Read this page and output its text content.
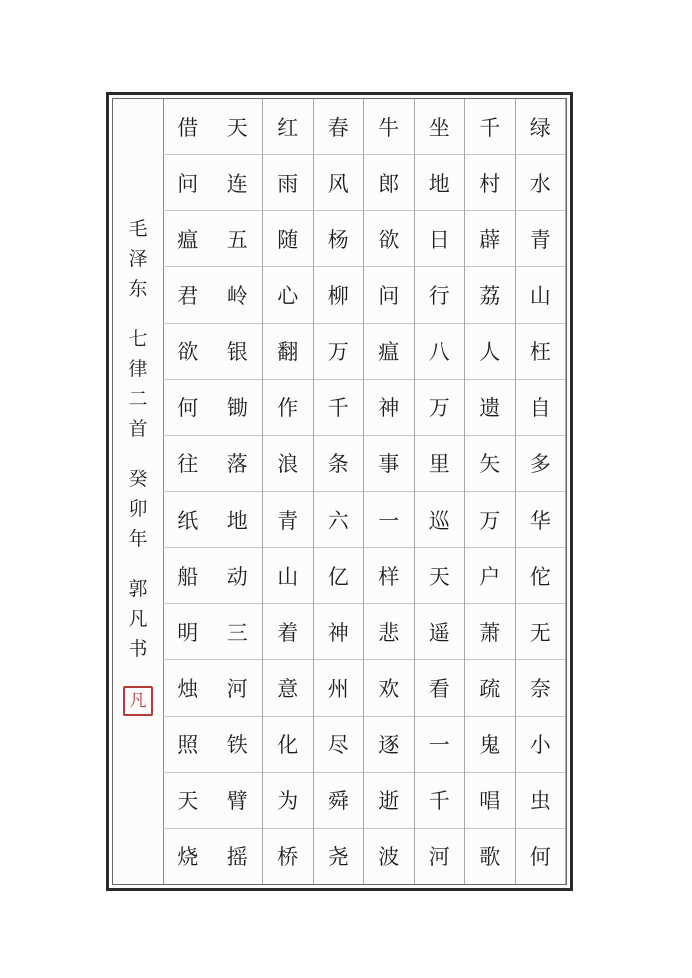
毛
泽
东
七
律
二
首
癸
卯
年
郭
凡
书
凡
绿
水
青
山
枉
自
多
华
佗
无
奈
小
虫
何
千
村
薜
荔
人
遗
矢
万
户
萧
疏
鬼
唱
歌
坐
地
日
行
八
万
里
巡
天
遥
看
一
千
河
牛
郎
欲
问
瘟
神
事
一
样
悲
欢
逐
逝
波
春
风
杨
柳
万
千
条
六
亿
神
州
尽
舜
尧
红
雨
随
心
翻
作
浪
青
山
着
意
化
为
桥
天
连
五
岭
银
锄
落
地
动
三
河
铁
臂
摇
借
问
瘟
君
欲
何
往
纸
船
明
烛
照
天
烧
